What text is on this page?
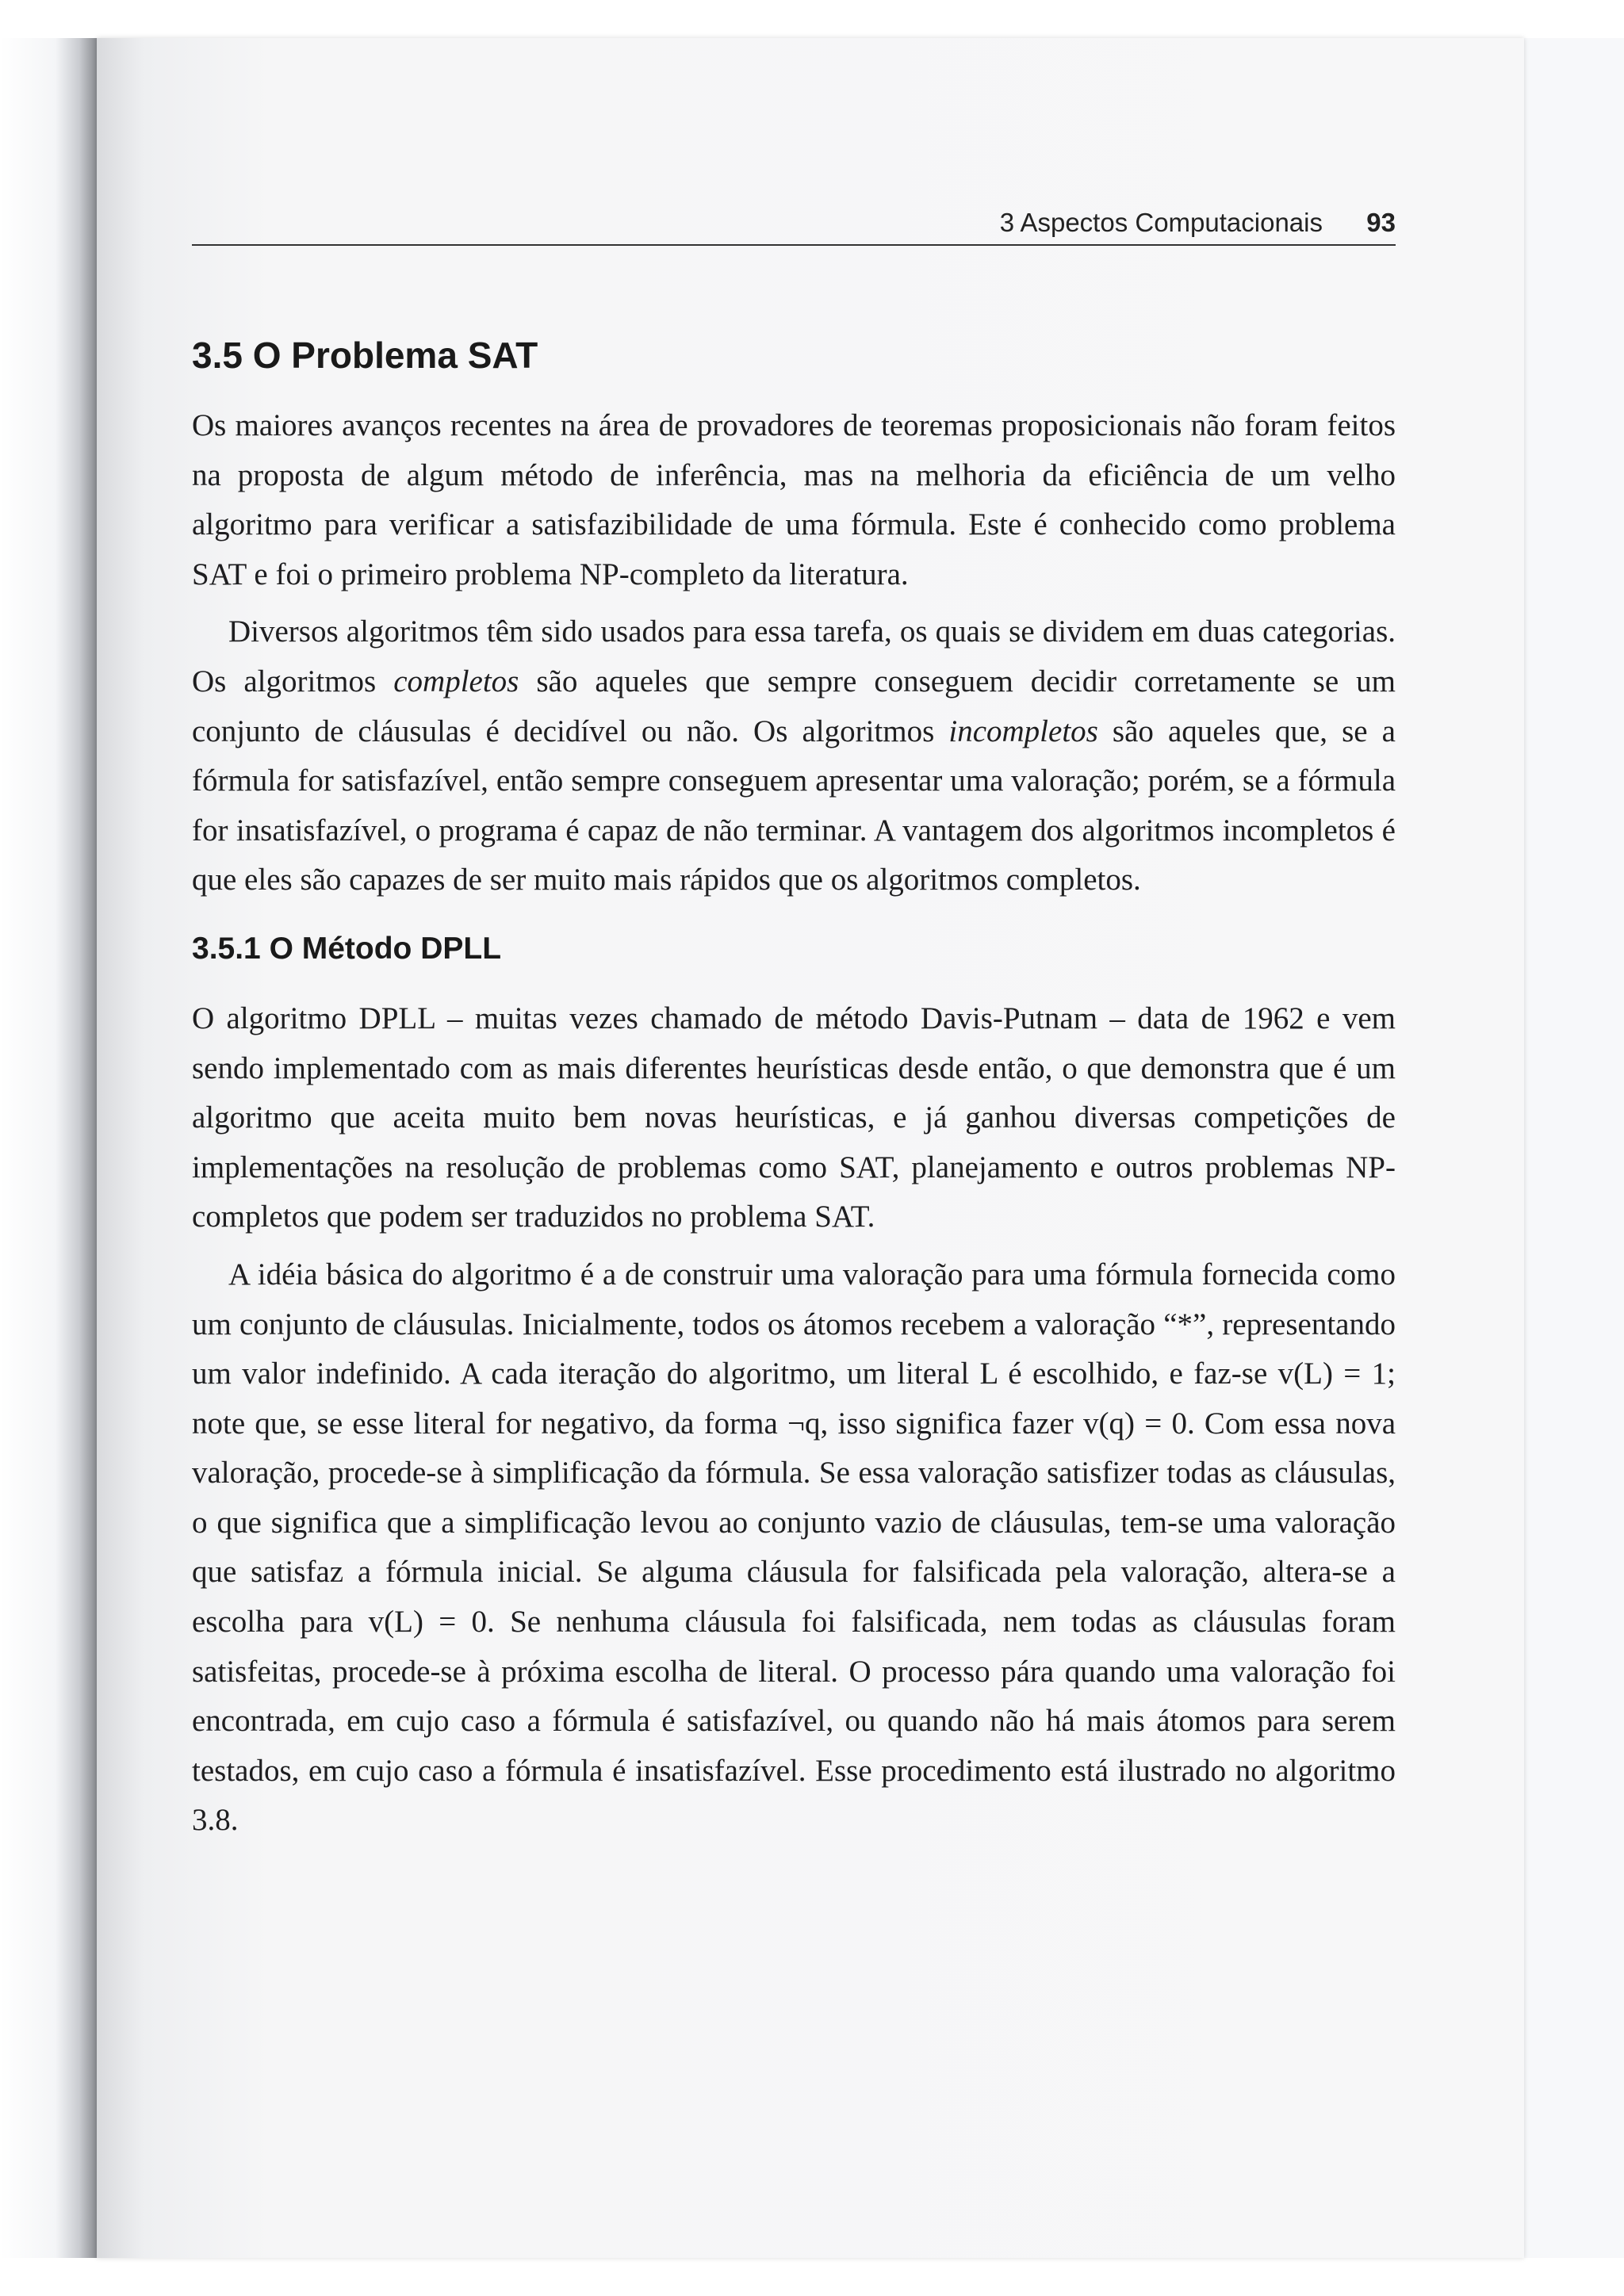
3 Aspectos Computacionais 93
3.5 O Problema SAT

Os maiores avanços recentes na área de provadores de teoremas proposicionais não foram feitos na proposta de algum método de inferência, mas na melhoria da eficiência de um velho algoritmo para verificar a satisfazibilidade de uma fórmula. Este é conhecido como problema SAT e foi o primeiro problema NP-completo da literatura.

Diversos algoritmos têm sido usados para essa tarefa, os quais se dividem em duas categorias. Os algoritmos completos são aqueles que sempre conseguem decidir corretamente se um conjunto de cláusulas é decidível ou não. Os algoritmos incompletos são aqueles que, se a fórmula for satisfazível, então sempre conseguem apresentar uma valoração; porém, se a fórmula for insatisfazível, o programa é capaz de não terminar. A vantagem dos algoritmos incompletos é que eles são capazes de ser muito mais rápidos que os algoritmos completos.

3.5.1 O Método DPLL

O algoritmo DPLL – muitas vezes chamado de método Davis-Putnam – data de 1962 e vem sendo implementado com as mais diferentes heurísticas desde então, o que demonstra que é um algoritmo que aceita muito bem novas heurísticas, e já ganhou diversas competições de implementações na resolução de problemas como SAT, planejamento e outros problemas NP-completos que podem ser traduzidos no problema SAT.

A idéia básica do algoritmo é a de construir uma valoração para uma fórmula fornecida como um conjunto de cláusulas. Inicialmente, todos os átomos recebem a valoração “*”, representando um valor indefinido. A cada iteração do algoritmo, um literal L é escolhido, e faz-se v(L) = 1; note que, se esse literal for negativo, da forma ¬q, isso significa fazer v(q) = 0. Com essa nova valoração, procede-se à simplificação da fórmula. Se essa valoração satisfizer todas as cláusulas, o que significa que a simplificação levou ao conjunto vazio de cláusulas, tem-se uma valoração que satisfaz a fórmula inicial. Se alguma cláusula for falsificada pela valoração, altera-se a escolha para v(L) = 0. Se nenhuma cláusula foi falsificada, nem todas as cláusulas foram satisfeitas, procede-se à próxima escolha de literal. O processo pára quando uma valoração foi encontrada, em cujo caso a fórmula é satisfazível, ou quando não há mais átomos para serem testados, em cujo caso a fórmula é insatisfazível. Esse procedimento está ilustrado no algoritmo 3.8.
